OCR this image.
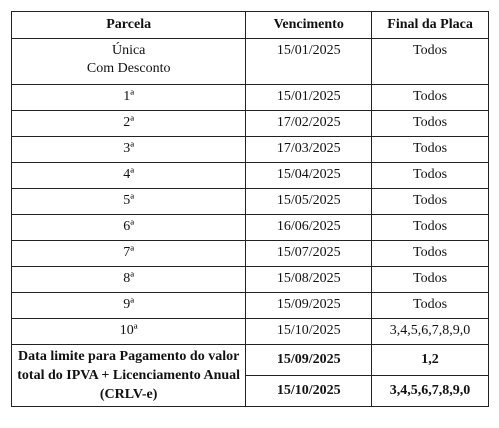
Parcela	Vencimento	Final da Placa

Única
Com Desconto	15/01/2025	Todos
1ª	15/01/2025	Todos
2ª	17/02/2025	Todos
3ª	17/03/2025	Todos
4ª	15/04/2025	Todos
5ª	15/05/2025	Todos
6ª	16/06/2025	Todos
7ª	15/07/2025	Todos
8ª	15/08/2025	Todos
9ª	15/09/2025	Todos
10ª	15/10/2025	3,4,5,6,7,8,9,0
Data limite para Pagamento do valor total do IPVA + Licenciamento Anual (CRLV-e)	15/09/2025	1,2
	15/10/2025	3,4,5,6,7,8,9,0
